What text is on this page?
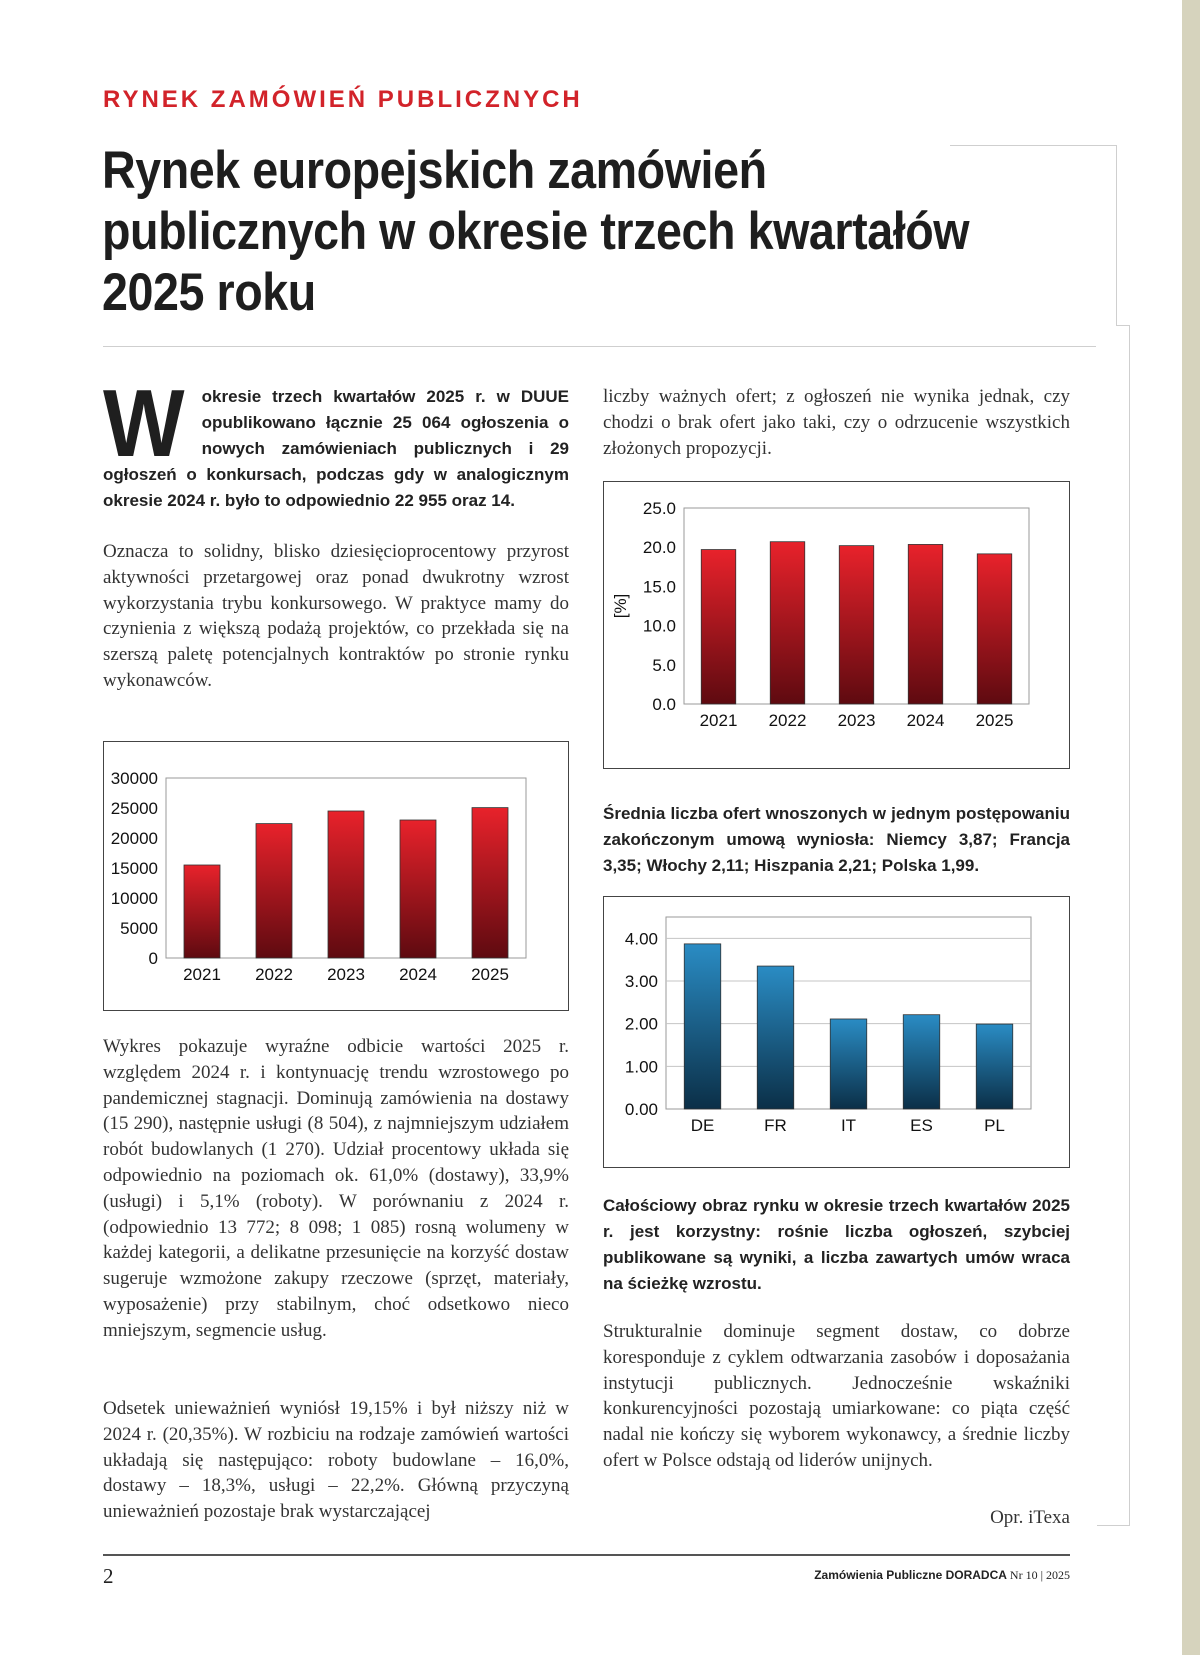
RYNEK ZAMÓWIEŃ PUBLICZNYCH
Rynek europejskich zamówień
publicznych w okresie trzech kwartałów
2025 roku
W okresie trzech kwartałów 2025 r. w DUUE opublikowano łącznie 25 064 ogłoszenia o nowych zamówieniach publicznych i 29 ogłoszeń o konkursach, podczas gdy w analogicznym okresie 2024 r. było to odpowiednio 22 955 oraz 14.

Oznacza to solidny, blisko dziesięcioprocentowy przyrost aktywności przetargowej oraz ponad dwukrotny wzrost wykorzystania trybu konkursowego. W praktyce mamy do czynienia z większą podażą projektów, co przekłada się na szerszą paletę potencjalnych kontraktów po stronie rynku wykonawców.

0
5000
10000
15000
20000
25000
30000
2021 2022 2023 2024 2025

Wykres pokazuje wyraźne odbicie wartości 2025 r. względem 2024 r. i kontynuację trendu wzrostowego po pandemicznej stagnacji. Dominują zamówienia na dostawy (15 290), następnie usługi (8 504), z najmniejszym udziałem robót budowlanych (1 270). Udział procentowy układa się odpowiednio na poziomach ok. 61,0% (dostawy), 33,9% (usługi) i 5,1% (roboty). W porównaniu z 2024 r. (odpowiednio 13 772; 8 098; 1 085) rosną wolumeny w każdej kategorii, a delikatne przesunięcie na korzyść dostaw sugeruje wzmożone zakupy rzeczowe (sprzęt, materiały, wyposażenie) przy stabilnym, choć odsetkowo nieco mniejszym, segmencie usług.

Odsetek unieważnień wyniósł 19,15% i był niższy niż w 2024 r. (20,35%). W rozbiciu na rodzaje zamówień wartości układają się następująco: roboty budowlane – 16,0%, dostawy – 18,3%, usługi – 22,2%. Główną przyczyną unieważnień pozostaje brak wystarczającej

liczby ważnych ofert; z ogłoszeń nie wynika jednak, czy chodzi o brak ofert jako taki, czy o odrzucenie wszystkich złożonych propozycji.

0.0
5.0
10.0
15.0
20.0
25.0
2021 2022 2023 2024 2025
[%]

Średnia liczba ofert wnoszonych w jednym postępowaniu zakończonym umową wyniosła: Niemcy 3,87; Francja 3,35; Włochy 2,11; Hiszpania 2,21; Polska 1,99.

0.00
1.00
2.00
3.00
4.00
DE	FR	IT	ES	PL

Całościowy obraz rynku w okresie trzech kwartałów 2025 r. jest korzystny: rośnie liczba ogłoszeń, szybciej publikowane są wyniki, a liczba zawartych umów wraca na ścieżkę wzrostu.

Strukturalnie dominuje segment dostaw, co dobrze koresponduje z cyklem odtwarzania zasobów i doposażania instytucji publicznych. Jednocześnie wskaźniki konkurencyjności pozostają umiarkowane: co piąta część nadal nie kończy się wyborem wykonawcy, a średnie liczby ofert w Polsce odstają od liderów unijnych.

Opr. iTexa
2	Zamówienia Publiczne DORADCA Nr 10 | 2025
